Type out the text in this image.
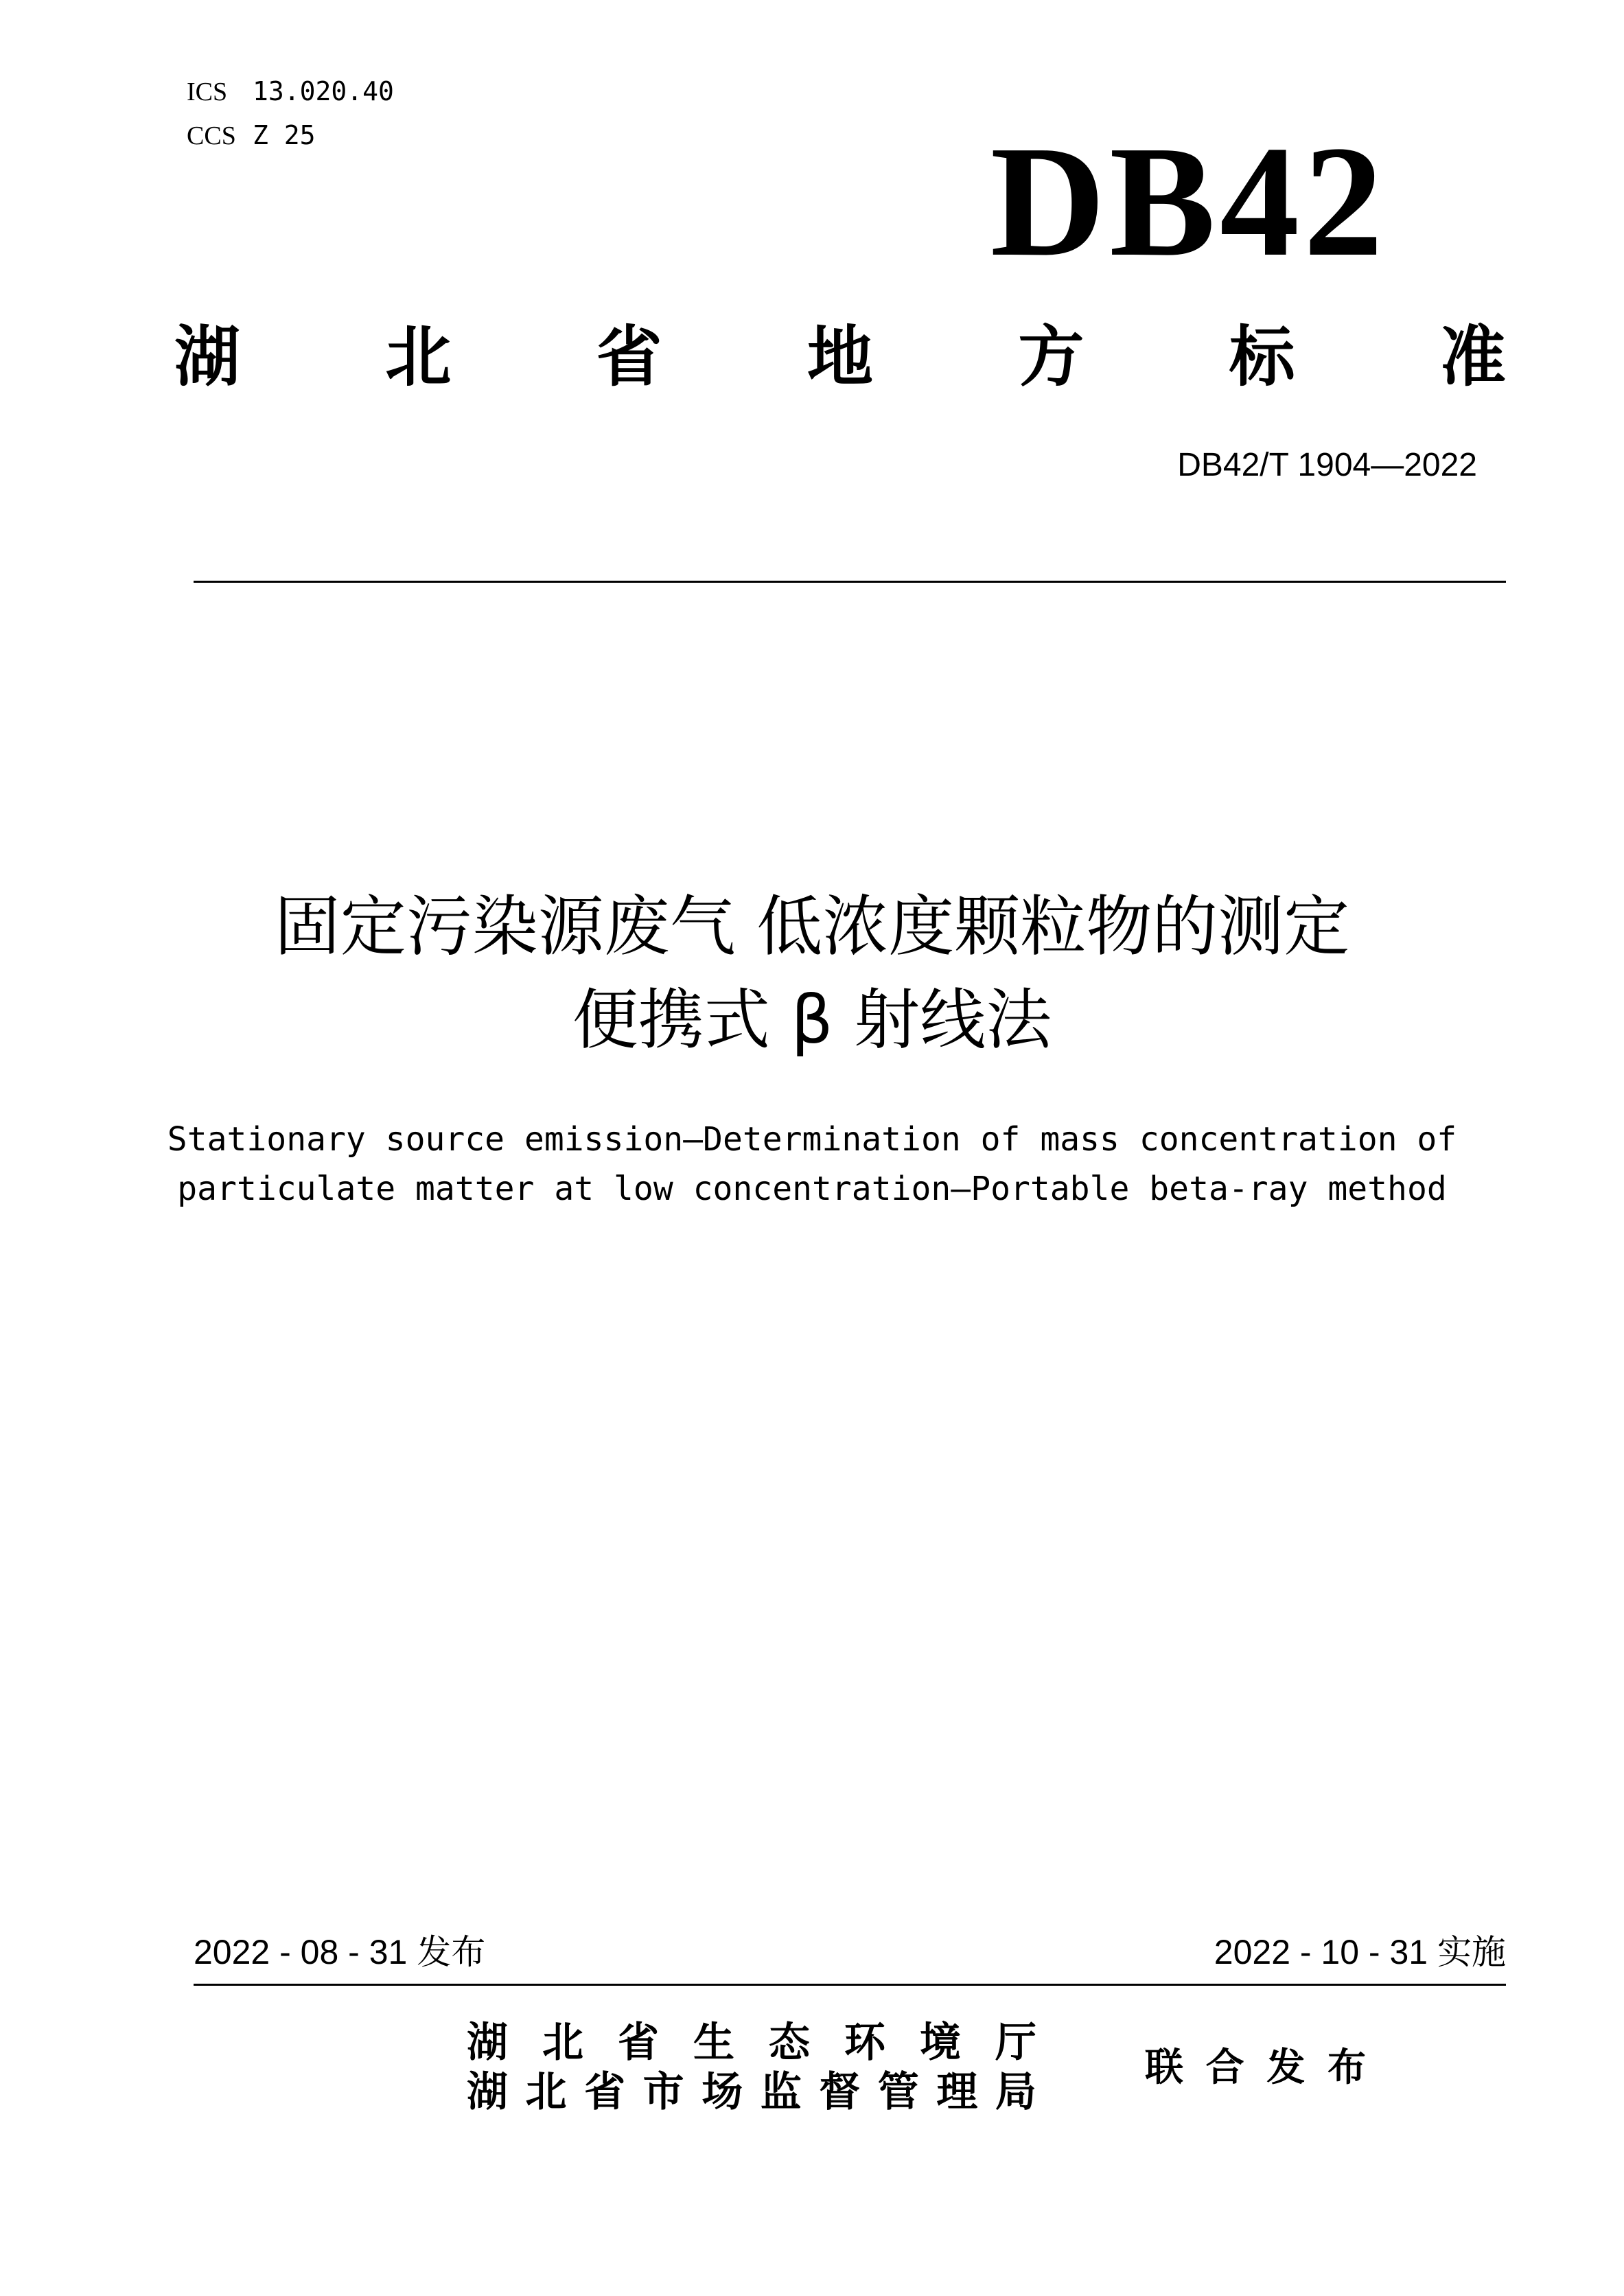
ICS 13.020.40
CCS Z 25	DB42
湖 北 省 地 方 标 准
DB42/T 1904—2022
固定污染源废气 低浓度颗粒物的测定
便携式 β 射线法
Stationary source emission—Determination of mass concentration of
particulate matter at low concentration—Portable beta-ray method
2022 - 08 - 31 发布	2022 - 10 - 31 实施
湖 北 省 生 态 环 境 厅
湖 北 省 市 场 监 督 管 理 局
联 合 发 布
